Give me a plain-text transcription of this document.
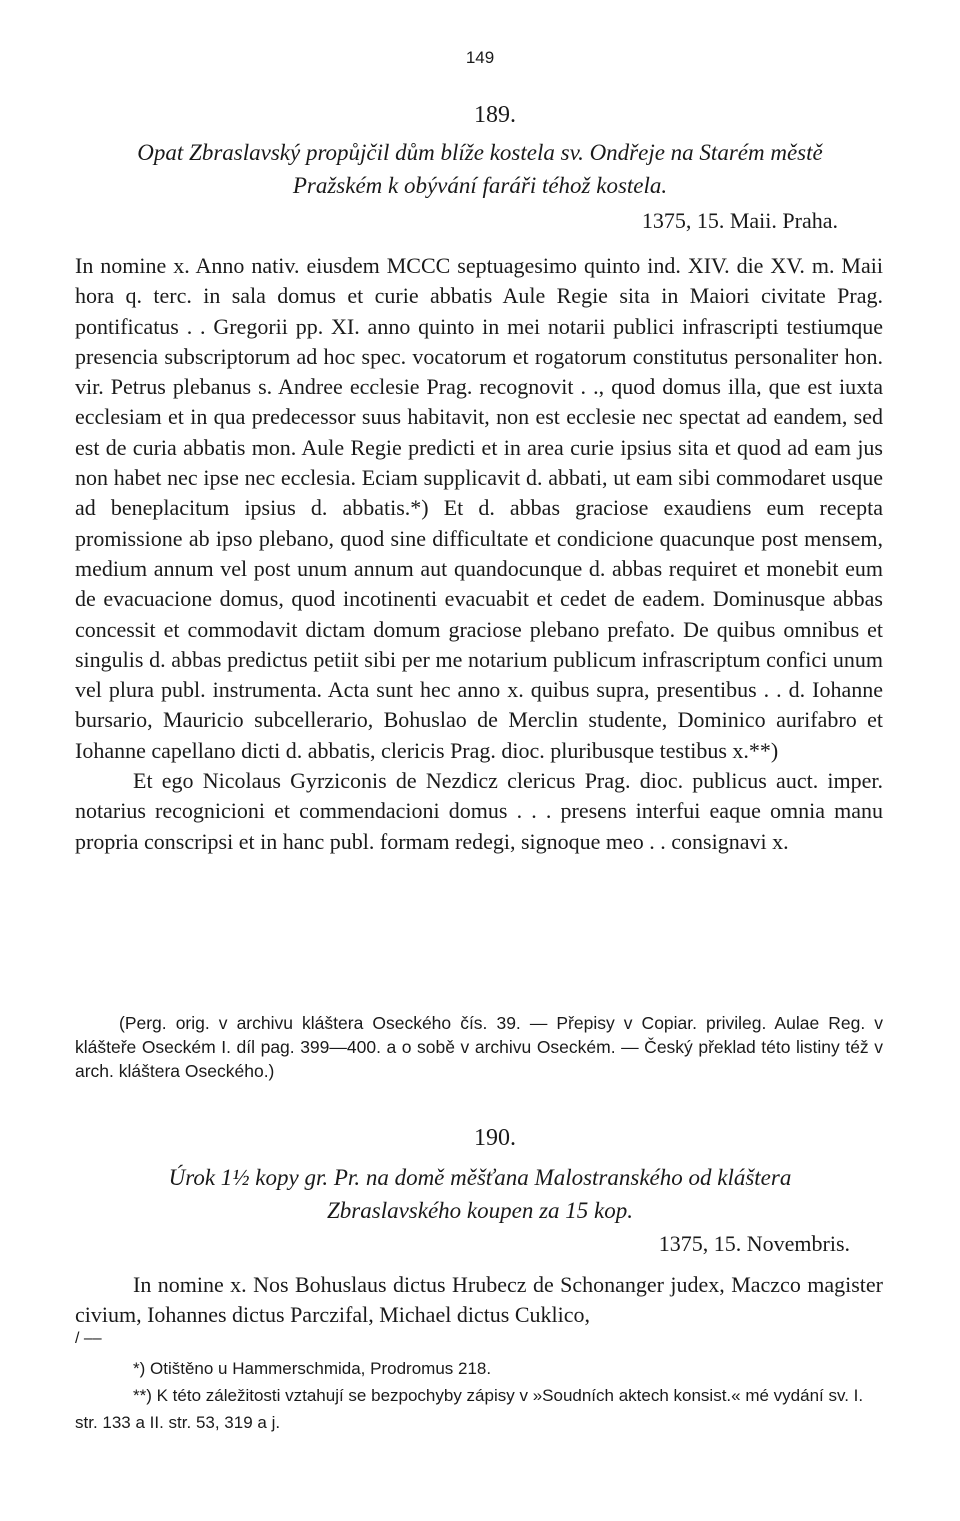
149
189.
Opat Zbraslavský propůjčil dům blíže kostela sv. Ondřeje na Starém městě
Pražském k obývání faráři téhož kostela.
1375, 15. Maii. Praha.

In nomine x. Anno nativ. eiusdem MCCC septuagesimo quinto ind. XIV. die XV. m. Maii hora q. terc. in sala domus et curie abbatis Aule Regie sita in Maiori civitate Prag. pontificatus . . Gregorii pp. XI. anno quinto in mei notarii publici infrascripti testiumque presencia subscriptorum ad hoc spec. vocatorum et rogatorum constitutus personaliter hon. vir. Petrus plebanus s. Andree ecclesie Prag. recognovit . ., quod domus illa, que est iuxta ecclesiam et in qua predecessor suus habitavit, non est ecclesie nec spectat ad eandem, sed est de curia abbatis mon. Aule Regie predicti et in area curie ipsius sita et quod ad eam jus non habet nec ipse nec ecclesia. Eciam supplicavit d. abbati, ut eam sibi commodaret usque ad beneplacitum ipsius d. abbatis.*) Et d. abbas graciose exaudiens eum recepta promissione ab ipso plebano, quod sine difficultate et condicione quacunque post mensem, medium annum vel post unum annum aut quandocunque d. abbas requiret et monebit eum de evacuacione domus, quod incotinenti evacuabit et cedet de eadem. Dominusque abbas concessit et commodavit dictam domum graciose plebano prefato. De quibus omnibus et singulis d. abbas predictus petiit sibi per me notarium publicum infrascriptum confici unum vel plura publ. instrumenta. Acta sunt hec anno x. quibus supra, presentibus . . d. Iohanne bursario, Mauricio subcellerario, Bohuslao de Merclin studente, Dominico aurifabro et Iohanne capellano dicti d. abbatis, clericis Prag. dioc. pluribusque testibus x.**)

Et ego Nicolaus Gyrziconis de Nezdicz clericus Prag. dioc. publicus auct. imper. notarius recognicioni et commendacioni domus . . . presens interfui eaque omnia manu propria conscripsi et in hanc publ. formam redegi, signoque meo . . consignavi x.

(Perg. orig. v archivu kláštera Oseckého čís. 39. — Přepisy v Copiar. privileg. Aulae Reg. v klášteře Oseckém I. díl pag. 399—400. a o sobě v archivu Oseckém. — Český překlad této listiny též v arch. kláštera Oseckého.)
190.
Úrok 1½ kopy gr. Pr. na domě měšťana Malostranského od kláštera
Zbraslavského koupen za 15 kop.
1375, 15. Novembris.

In nomine x. Nos Bohuslaus dictus Hrubecz de Schonanger judex, Maczco magister civium, Iohannes dictus Parczifal, Michael dictus Cuklico,

/ ‒‒

*) Otištěno u Hammerschmida, Prodromus 218.

**) K této záležitosti vztahují se bezpochyby zápisy v »Soudních aktech konsist.« mé vydání sv. I. str. 133 a II. str. 53, 319 a j.
